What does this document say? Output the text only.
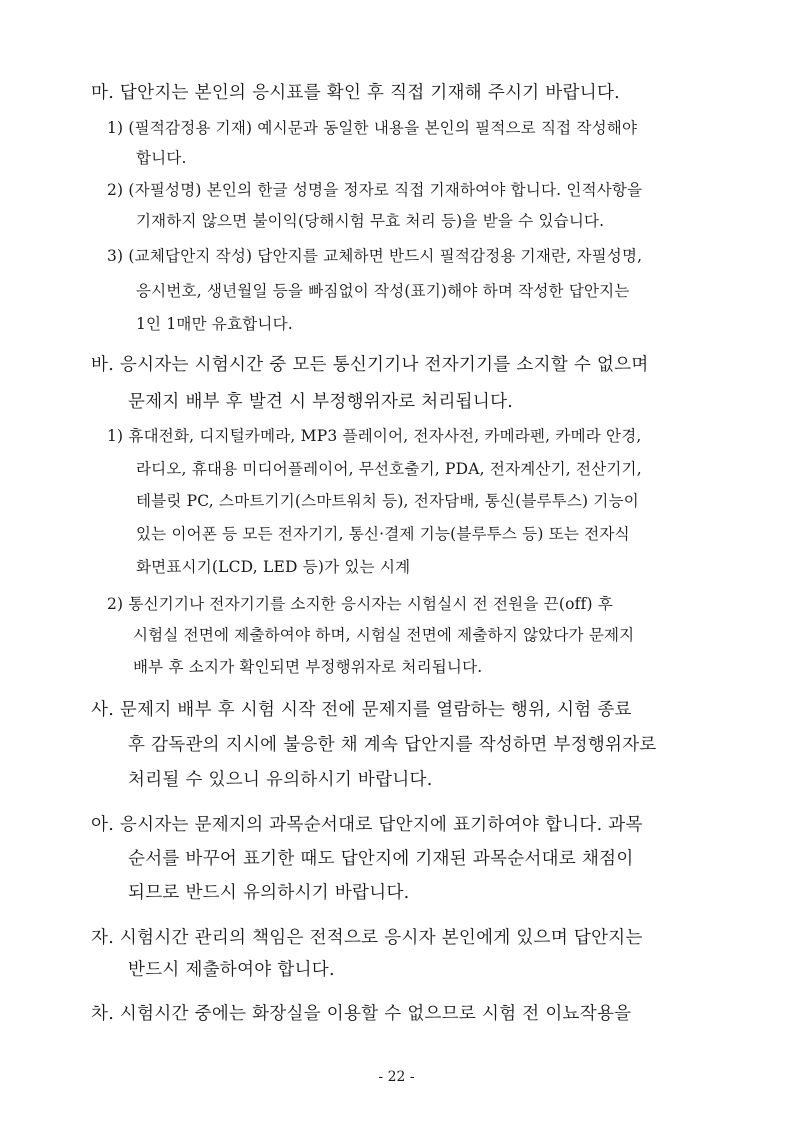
마. 답안지는 본인의 응시표를 확인 후 직접 기재해 주시기 바랍니다.
1) (필적감정용 기재) 예시문과 동일한 내용을 본인의 필적으로 직접 작성해야
합니다.
2) (자필성명) 본인의 한글 성명을 정자로 직접 기재하여야 합니다. 인적사항을
기재하지 않으면 불이익(당해시험 무효 처리 등)을 받을 수 있습니다.
3) (교체답안지 작성) 답안지를 교체하면 반드시 필적감정용 기재란, 자필성명,
응시번호, 생년월일 등을 빠짐없이 작성(표기)해야 하며 작성한 답안지는
1인 1매만 유효합니다.
바. 응시자는 시험시간 중 모든 통신기기나 전자기기를 소지할 수 없으며
문제지 배부 후 발견 시 부정행위자로 처리됩니다.
1) 휴대전화, 디지털카메라, MP3 플레이어, 전자사전, 카메라펜, 카메라 안경,
라디오, 휴대용 미디어플레이어, 무선호출기, PDA, 전자계산기, 전산기기,
테블릿 PC, 스마트기기(스마트워치 등), 전자담배, 통신(블루투스) 기능이
있는 이어폰 등 모든 전자기기, 통신·결제 기능(블루투스 등) 또는 전자식
화면표시기(LCD, LED 등)가 있는 시계
2) 통신기기나 전자기기를 소지한 응시자는 시험실시 전 전원을 끈(off) 후
시험실 전면에 제출하여야 하며, 시험실 전면에 제출하지 않았다가 문제지
배부 후 소지가 확인되면 부정행위자로 처리됩니다.
사. 문제지 배부 후 시험 시작 전에 문제지를 열람하는 행위, 시험 종료
후 감독관의 지시에 불응한 채 계속 답안지를 작성하면 부정행위자로
처리될 수 있으니 유의하시기 바랍니다.
아. 응시자는 문제지의 과목순서대로 답안지에 표기하여야 합니다. 과목
순서를 바꾸어 표기한 때도 답안지에 기재된 과목순서대로 채점이
되므로 반드시 유의하시기 바랍니다.
자. 시험시간 관리의 책임은 전적으로 응시자 본인에게 있으며 답안지는
반드시 제출하여야 합니다.
차. 시험시간 중에는 화장실을 이용할 수 없으므로 시험 전 이뇨작용을
- 22 -
